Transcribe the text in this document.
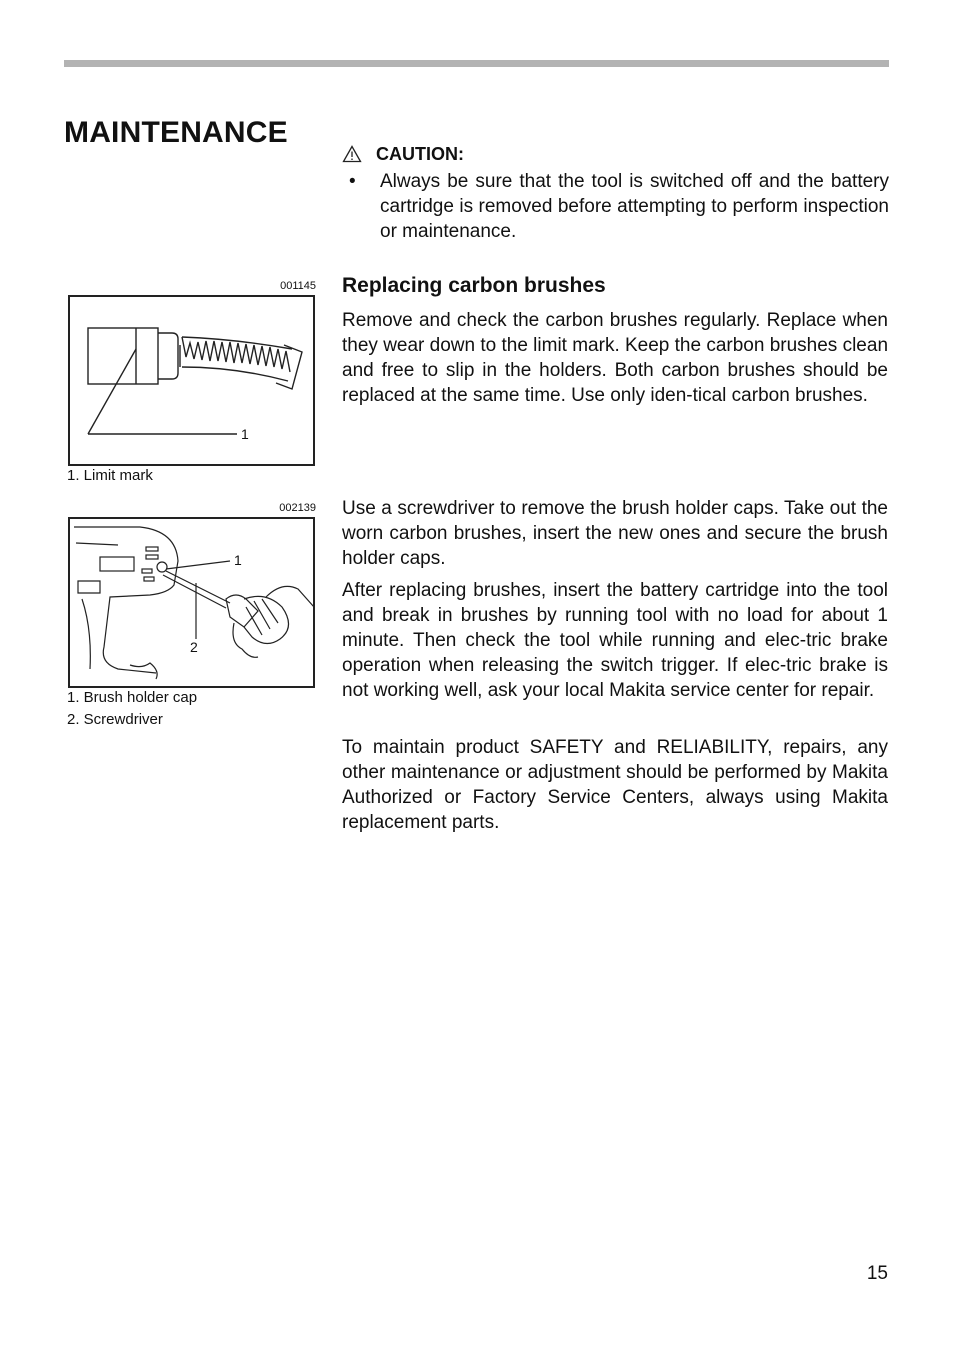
MAINTENANCE
CAUTION:
• Always be sure that the tool is switched off and the battery cartridge is removed before attempting to perform inspection or maintenance.
Replacing carbon brushes

Remove and check the carbon brushes regularly. Replace when they wear down to the limit mark. Keep the carbon brushes clean and free to slip in the holders. Both carbon brushes should be replaced at the same time. Use only iden-tical carbon brushes.

Use a screwdriver to remove the brush holder caps. Take out the worn carbon brushes, insert the new ones and secure the brush holder caps.

After replacing brushes, insert the battery cartridge into the tool and break in brushes by running tool with no load for about 1 minute. Then check the tool while running and elec-tric brake operation when releasing the switch trigger. If elec-tric brake is not working well, ask your local Makita service center for repair.

To maintain product SAFETY and RELIABILITY, repairs, any other maintenance or adjustment should be performed by Makita Authorized or Factory Service Centers, always using Makita replacement parts.

001145
1
1. Limit mark
002139
1
2
1. Brush holder cap
2. Screwdriver
15
